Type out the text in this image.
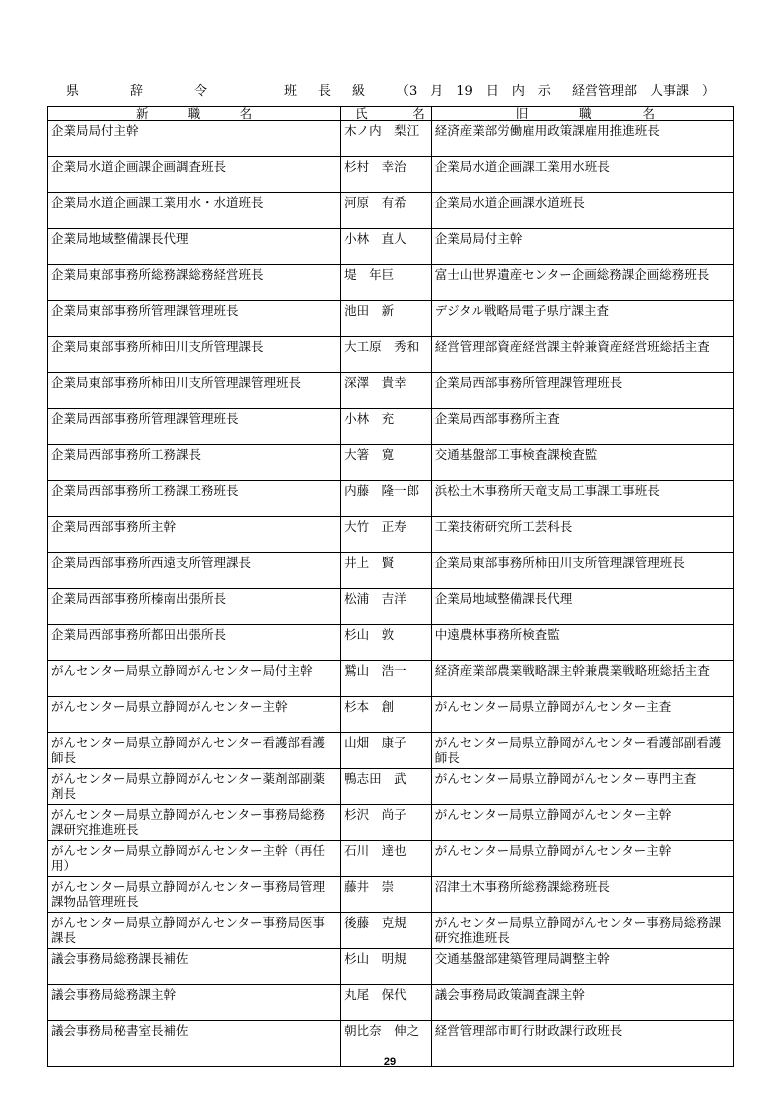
県	辞	令	班 長 級 （3　月　19　日　内　示 経営管理部　人事課　）
新　職　名	氏　名	旧　職　名
企業局局付主幹	木ノ内　梨江	経済産業部労働雇用政策課雇用推進班長
企業局水道企画課企画調査班長	杉村　幸治	企業局水道企画課工業用水班長
企業局水道企画課工業用水・水道班長	河原　有希	企業局水道企画課水道班長
企業局地域整備課長代理	小林　直人	企業局局付主幹
企業局東部事務所総務課総務経営班長	堤　年巨	富士山世界遺産センター企画総務課企画総務班長
企業局東部事務所管理課管理班長	池田　新	デジタル戦略局電子県庁課主査
企業局東部事務所柿田川支所管理課長	大工原　秀和	経営管理部資産経営課主幹兼資産経営班総括主査
企業局東部事務所柿田川支所管理課管理班長	深澤　貴幸	企業局西部事務所管理課管理班長
企業局西部事務所管理課管理班長	小林　充	企業局西部事務所主査
企業局西部事務所工務課長	大箸　寛	交通基盤部工事検査課検査監
企業局西部事務所工務課工務班長	内藤　隆一郎	浜松土木事務所天竜支局工事課工事班長
企業局西部事務所主幹	大竹　正寿	工業技術研究所工芸科長
企業局西部事務所西遠支所管理課長	井上　賢	企業局東部事務所柿田川支所管理課管理班長
企業局西部事務所榛南出張所長	松浦　吉洋	企業局地域整備課長代理
企業局西部事務所都田出張所長	杉山　敦	中遠農林事務所検査監
がんセンター局県立静岡がんセンター局付主幹	鷲山　浩一	経済産業部農業戦略課主幹兼農業戦略班総括主査
がんセンター局県立静岡がんセンター主幹	杉本　創	がんセンター局県立静岡がんセンター主査
がんセンター局県立静岡がんセンター看護部看護師長	山畑　康子	がんセンター局県立静岡がんセンター看護部副看護師長
がんセンター局県立静岡がんセンター薬剤部副薬剤長	鴨志田　武	がんセンター局県立静岡がんセンター専門主査
がんセンター局県立静岡がんセンター事務局総務課研究推進班長	杉沢　尚子	がんセンター局県立静岡がんセンター主幹
がんセンター局県立静岡がんセンター主幹（再任用）	石川　達也	がんセンター局県立静岡がんセンター主幹
がんセンター局県立静岡がんセンター事務局管理課物品管理班長	藤井　崇	沼津土木事務所総務課総務班長
がんセンター局県立静岡がんセンター事務局医事課長	後藤　克規	がんセンター局県立静岡がんセンター事務局総務課研究推進班長
議会事務局総務課長補佐	杉山　明規	交通基盤部建築管理局調整主幹
議会事務局総務課主幹	丸尾　保代	議会事務局政策調査課主幹
議会事務局秘書室長補佐	朝比奈　伸之	経営管理部市町行財政課行政班長
29
